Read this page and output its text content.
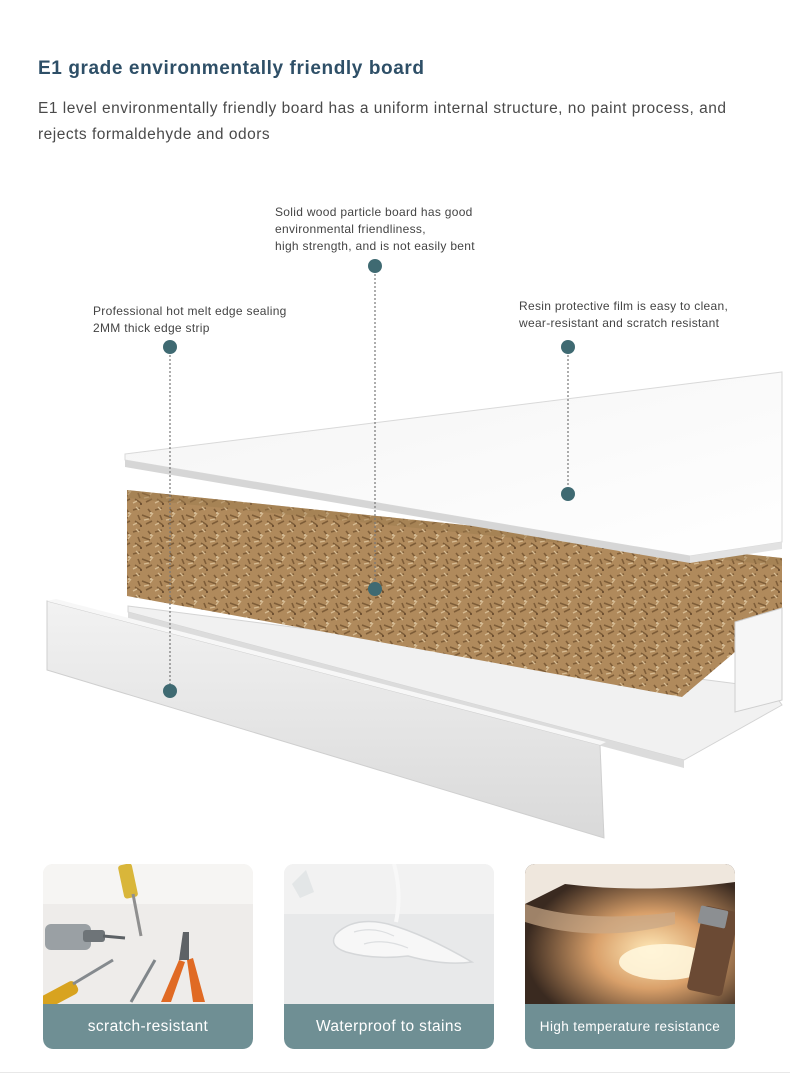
E1 grade environmentally friendly board
E1 level environmentally friendly board has a uniform internal structure, no paint process, and rejects formaldehyde and odors
Solid wood particle board has good
environmental friendliness,
high strength, and is not easily bent
Professional hot melt edge sealing
2MM thick edge strip
Resin protective film is easy to clean,
wear-resistant and scratch resistant
scratch-resistant	Waterproof to stains	High temperature resistance
